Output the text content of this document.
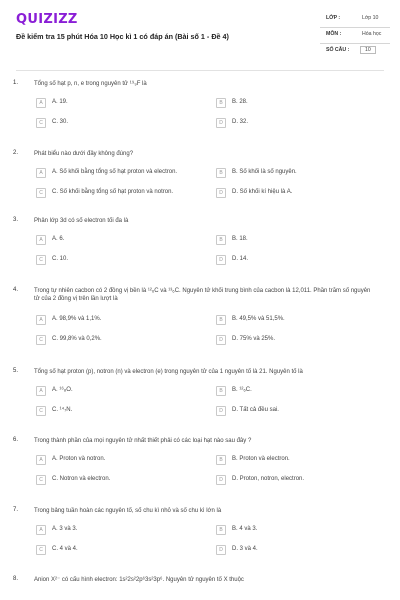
QUIZIZZ
Đề kiểm tra 15 phút Hóa 10 Học kì 1 có đáp án (Bài số 1 - Đề 4)
LỚP :	Lớp 10
MÔN :	Hóa học
SỐ CÂU :	10
1.	Tổng số hạt p, n, e trong nguyên tử ¹⁹₉F là
A	A. 19.	B	B. 28.
C	C. 30.	D	D. 32.
2.	Phát biểu nào dưới đây không đúng?
A	A. Số khối bằng tổng số hạt proton và electron.	B	B. Số khối là số nguyên.
C	C. Số khối bằng tổng số hạt proton và notron.	D	D. Số khối kí hiệu là A.
3.	Phân lớp 3d có số electron tối đa là
A	A. 6.	B	B. 18.
C	C. 10.	D	D. 14.
4.	Trong tự nhiên cacbon có 2 đồng vị bền là ¹²₆C và ¹³₆C. Nguyên tử khối trung bình của cacbon là 12,011. Phần trăm số nguyên tử của 2 đồng vị trên lần lượt là
A	A. 98,9% và 1,1%.	B	B. 49,5% và 51,5%.
C	C. 99,8% và 0,2%.	D	D. 75% và 25%.
5.	Tổng số hạt proton (p), notron (n) và electron (e) trong nguyên tử của 1 nguyên tố là 21. Nguyên tố là
A	A. ¹⁶₈O.	B	B. ¹²₆C.
C	C. ¹⁴₇N.	D	D. Tất cả đều sai.
6.	Trong thành phần của mọi nguyên tử nhất thiết phải có các loại hạt nào sau đây ?
A	A. Proton và notron.	B	B. Proton và electron.
C	C. Notron và electron.	D	D. Proton, notron, electron.
7.	Trong bảng tuần hoàn các nguyên tố, số chu kì nhỏ và số chu kì lớn là
A	A. 3 và 3.	B	B. 4 và 3.
C	C. 4 và 4.	D	D. 3 và 4.
8.	Anion X²⁻ có cấu hình electron: 1s²2s²2p⁶3s²3p⁶. Nguyên tử nguyên tố X thuộc
